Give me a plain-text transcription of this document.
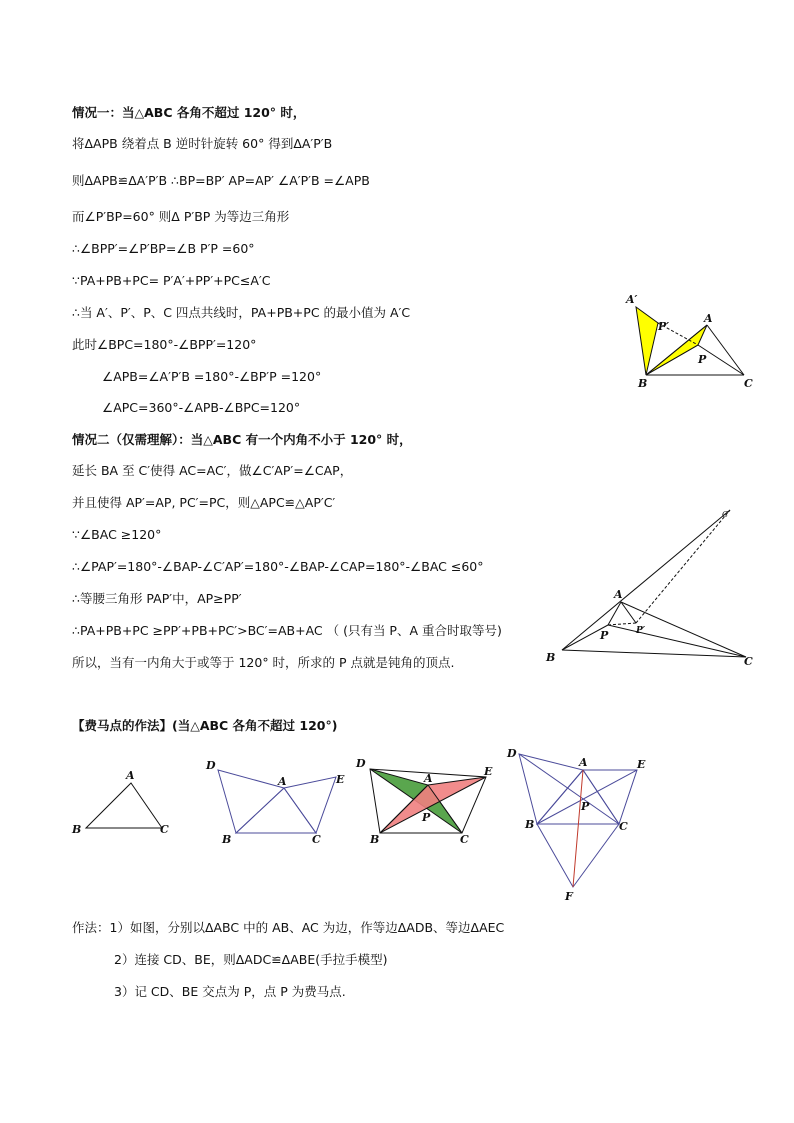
情况一：当△ABC 各角不超过 120° 时，

将ΔAPB 绕着点 B 逆时针旋转 60° 得到ΔA′P′B

则ΔAPB≌ΔA′P′B ∴BP=BP′ AP=AP′ ∠A′P′B =∠APB

而∠P′BP=60° 则Δ P′BP 为等边三角形

∴∠BPP′=∠P′BP=∠B P′P =60°

∵PA+PB+PC= P′A′+PP′+PC≤A′C

∴当 A′、P′、P、C 四点共线时，PA+PB+PC 的最小值为 A′C

此时∠BPC=180°-∠BPP′=120°

∠APB=∠A′P′B =180°-∠BP′P =120°

∠APC=360°-∠APB-∠BPC=120°

情况二（仅需理解）：当△ABC 有一个内角不小于 120° 时，

延长 BA 至 C′使得 AC=AC′，做∠C′AP′=∠CAP，

并且使得 AP′=AP, PC′=PC，则△APC≌△AP′C′

∵∠BAC ≥120°

∴∠PAP′=180°-∠BAP-∠C′AP′=180°-∠BAP-∠CAP=180°-∠BAC ≤60°

∴等腰三角形 PAP′中，AP≥PP′

∴PA+PB+PC ≥PP′+PB+PC′>BC′=AB+AC （ (只有当 P、A 重合时取等号)

所以，当有一内角大于或等于 120° 时，所求的 P 点就是钝角的顶点.

【费马点的作法】(当△ABC 各角不超过 120°)

作法：1）如图，分别以ΔABC 中的 AB、AC 为边，作等边ΔADB、等边ΔAEC

2）连接 CD、BE，则ΔADC≌ΔABE(手拉手模型)

3）记 CD、BE 交点为 P，点 P 为费马点.

A′
P′
A
P
B	C
C′
A
P′
P
B	C
A
B	C
D
A	E
B	C
D
A
E
P
B	C
D
A	E
P
B	C
F
